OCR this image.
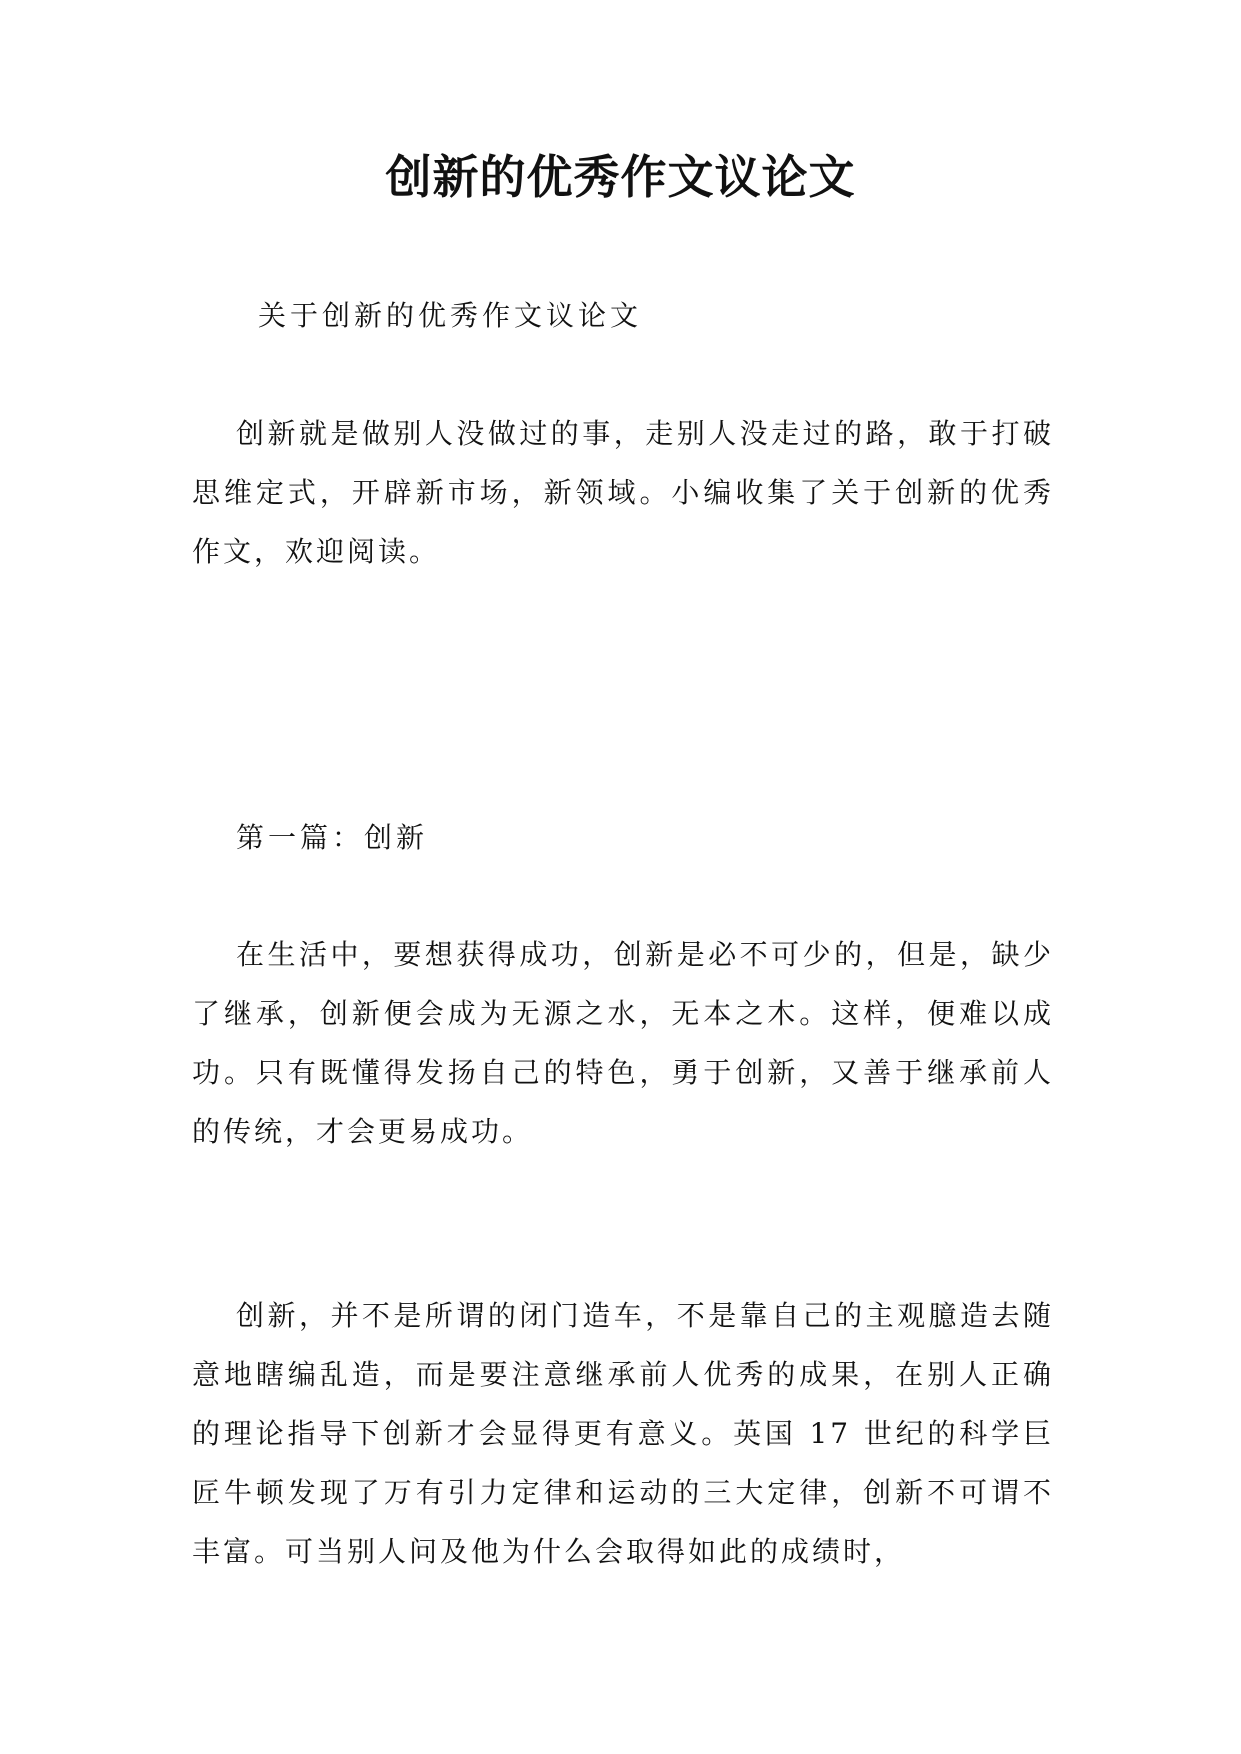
创新的优秀作文议论文
关于创新的优秀作文议论文
创新就是做别人没做过的事，走别人没走过的路，敢于打破思维定式，开辟新市场，新领域。小编收集了关于创新的优秀作文，欢迎阅读。
第一篇：创新
在生活中，要想获得成功，创新是必不可少的，但是，缺少了继承，创新便会成为无源之水，无本之木。这样，便难以成功。只有既懂得发扬自己的特色，勇于创新，又善于继承前人的传统，才会更易成功。
创新，并不是所谓的闭门造车，不是靠自己的主观臆造去随意地瞎编乱造，而是要注意继承前人优秀的成果，在别人正确的理论指导下创新才会显得更有意义。英国 17 世纪的科学巨匠牛顿发现了万有引力定律和运动的三大定律，创新不可谓不丰富。可当别人问及他为什么会取得如此的成绩时，
